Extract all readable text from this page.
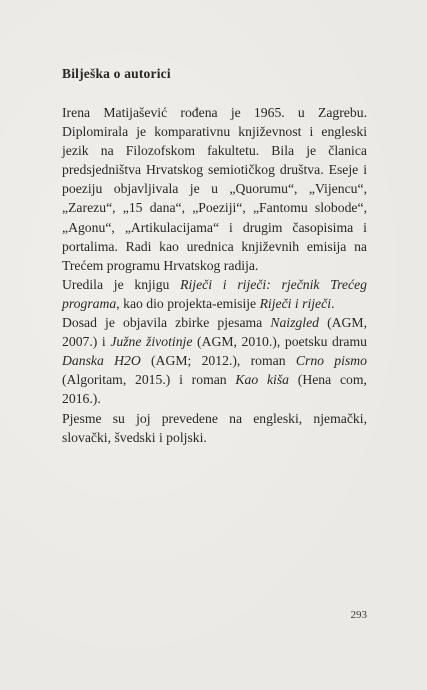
Bilješka o autorici

Irena Matijašević rođena je 1965. u Zagrebu. Diplomirala je komparativnu književnost i engleski jezik na Filozofskom fakultetu. Bila je članica predsjedništva Hrvatskog semiotičkog društva. Eseje i poeziju objavljivala je u „Quorumu“, „Vijencu“, „Zarezu“, „15 dana“, „Poeziji“, „Fantomu slobode“, „Agonu“, „Artikulacijama“ i drugim časopisima i portalima. Radi kao urednica književnih emisija na Trećem programu Hrvatskog radija.

Uredila je knjigu Riječi i riječi: rječnik Trećeg programa, kao dio projekta-emisije Riječi i riječi.

Dosad je objavila zbirke pjesama Naizgled (AGM, 2007.) i Južne životinje (AGM, 2010.), poetsku dramu Danska H2O (AGM; 2012.), roman Crno pismo (Algoritam, 2015.) i roman Kao kiša (Hena com, 2016.).

Pjesme su joj prevedene na engleski, njemački, slovački, švedski i poljski.

293
